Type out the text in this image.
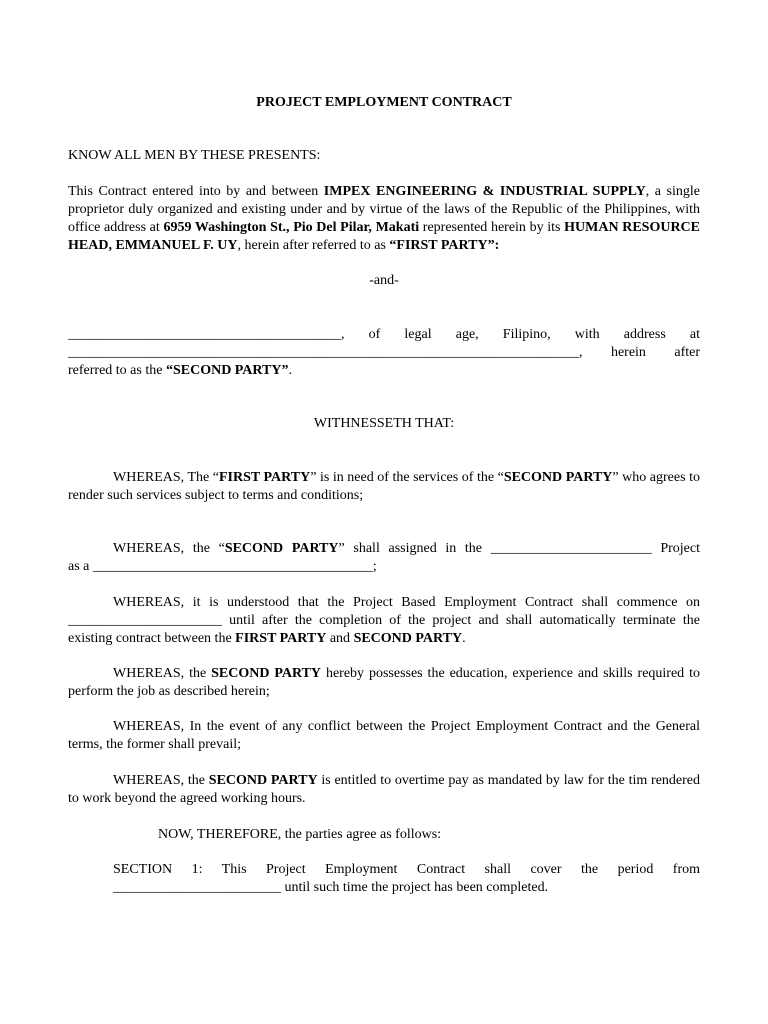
PROJECT EMPLOYMENT CONTRACT

KNOW ALL MEN BY THESE PRESENTS:

This Contract entered into by and between IMPEX ENGINEERING & INDUSTRIAL SUPPLY, a single proprietor duly organized and existing under and by virtue of the laws of the Republic of the Philippines, with office address at 6959 Washington St., Pio Del Pilar, Makati represented herein by its HUMAN RESOURCE HEAD, EMMANUEL F. UY, herein after referred to as “FIRST PARTY”:

-and-

_______________________________________, of legal age, Filipino, with address at

_________________________________________________________________________, herein after

referred to as the “SECOND PARTY”.

WITHNESSETH THAT:

WHEREAS, The “FIRST PARTY” is in need of the services of the “SECOND PARTY” who agrees to render such services subject to terms and conditions;

WHEREAS, the “SECOND PARTY” shall assigned in the _______________________ Project

as a ________________________________________;

WHEREAS, it is understood that the Project Based Employment Contract shall commence on

______________________ until after the completion of the project and shall automatically terminate the

existing contract between the FIRST PARTY and SECOND PARTY.

WHEREAS, the SECOND PARTY hereby possesses the education, experience and skills required to perform the job as described herein;

WHEREAS, In the event of any conflict between the Project Employment Contract and the General terms, the former shall prevail;

WHEREAS, the SECOND PARTY is entitled to overtime pay as mandated by law for the tim rendered to work beyond the agreed working hours.

NOW, THEREFORE, the parties agree as follows:

SECTION 1: This Project Employment Contract shall cover the period from

________________________ until such time the project has been completed.
